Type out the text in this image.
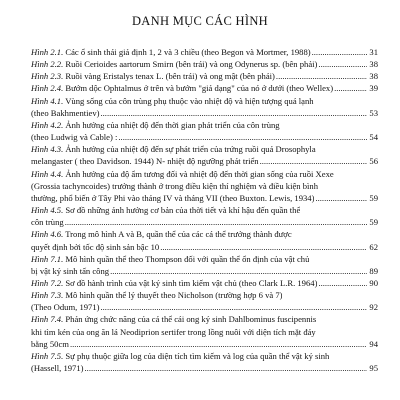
DANH MỤC CÁC HÌNH
Hình 2.1. Các ổ sinh thái giả định 1, 2 và 3 chiều (theo Begon và Mortmer, 1988) .....	31
Hình 2.2. Ruồi Cerioides aartorum Smirn (bên trái) và ong Odynerus sp. (bên phải) .....	38
Hình 2.3. Ruồi vàng Eristalys tenax L. (bên trái) và ong mật (bên phải) .....	38
Hình 2.4. Bướm dộc Ophtalmus ở trên và bướm "giả dạng" của nó ở dưới (theo Wellex) .....	39
Hình 4.1. Vùng sống của côn trùng phụ thuộc vào nhiệt độ và hiện tượng quá lạnh
(theo Bakhmentiev) .....	53
Hình 4.2. Ảnh hưởng của nhiệt độ đến thời gian phát triển của côn trùng
(theo Ludwig và Cable) : .....	54
Hình 4.3. Ảnh hưởng của nhiệt độ đến sự phát triển của trứng ruồi quả Drosophyla
melangaster ( theo Davidson. 1944) N- nhiệt độ ngưỡng phát triển .....	56
Hình 4.4. Ảnh hưởng của độ ẩm tương đối và nhiệt độ đến thời gian sống của ruồi Xexe
(Grossia tachyncoides) trưởng thành ở trong điều kiện thí nghiệm và điều kiện bình
thường, phổ biến ở Tây Phi vào tháng IV và tháng VII (theo Buxton. Lewis, 1934) .....	59
Hình 4.5. Sơ đồ những ảnh hưởng cơ bản của thời tiết và khí hậu đến quần thể
côn trùng .....	59
Hình 4.6. Trong mô hình A và B, quần thể của các cá thể trưởng thành được
quyết định bởi tốc độ sinh sản bậc 10 .....	62
Hình 7.1. Mô hình quần thể theo Thompson đối với quần thể ổn định của vật chủ
bị vật ký sinh tấn công .....	89
Hình 7.2. Sơ đồ hành trình của vật ký sinh tìm kiếm vật chủ (theo Clark L.R. 1964) .....	90
Hình 7.3. Mô hình quần thể lý thuyết theo Nicholson (trường hợp 6 và 7)
(Theo Odum, 1971) .....	92
Hình 7.4. Phản ứng chức năng của cá thể cái ong ký sinh Dahlbominus fuscipennis
khi tìm kén của ong ăn lá Neodiprion sertifer trong lồng nuôi với diện tích mặt đáy
bằng 50cm .....	94
Hình 7.5. Sự phụ thuộc giữa log của diện tích tìm kiếm và log của quần thể vật ký sinh
(Hassell, 1971) .....	95
